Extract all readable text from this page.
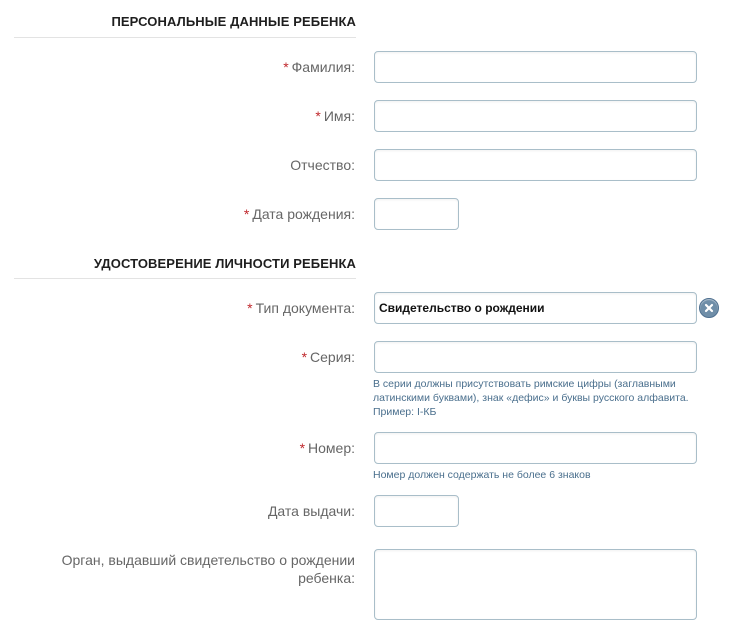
ПЕРСОНАЛЬНЫЕ ДАННЫЕ РЕБЕНКА
* Фамилия:
* Имя:
Отчество:
* Дата рождения:
УДОСТОВЕРЕНИЕ ЛИЧНОСТИ РЕБЕНКА
* Тип документа:	Свидетельство о рождении
* Серия:
В серии должны присутствовать римские цифры (заглавными латинскими буквами), знак «дефис» и буквы русского алфавита. Пример: I-КБ
* Номер:
Номер должен содержать не более 6 знаков
Дата выдачи:
Орган, выдавший свидетельство о рождении
ребенка:
